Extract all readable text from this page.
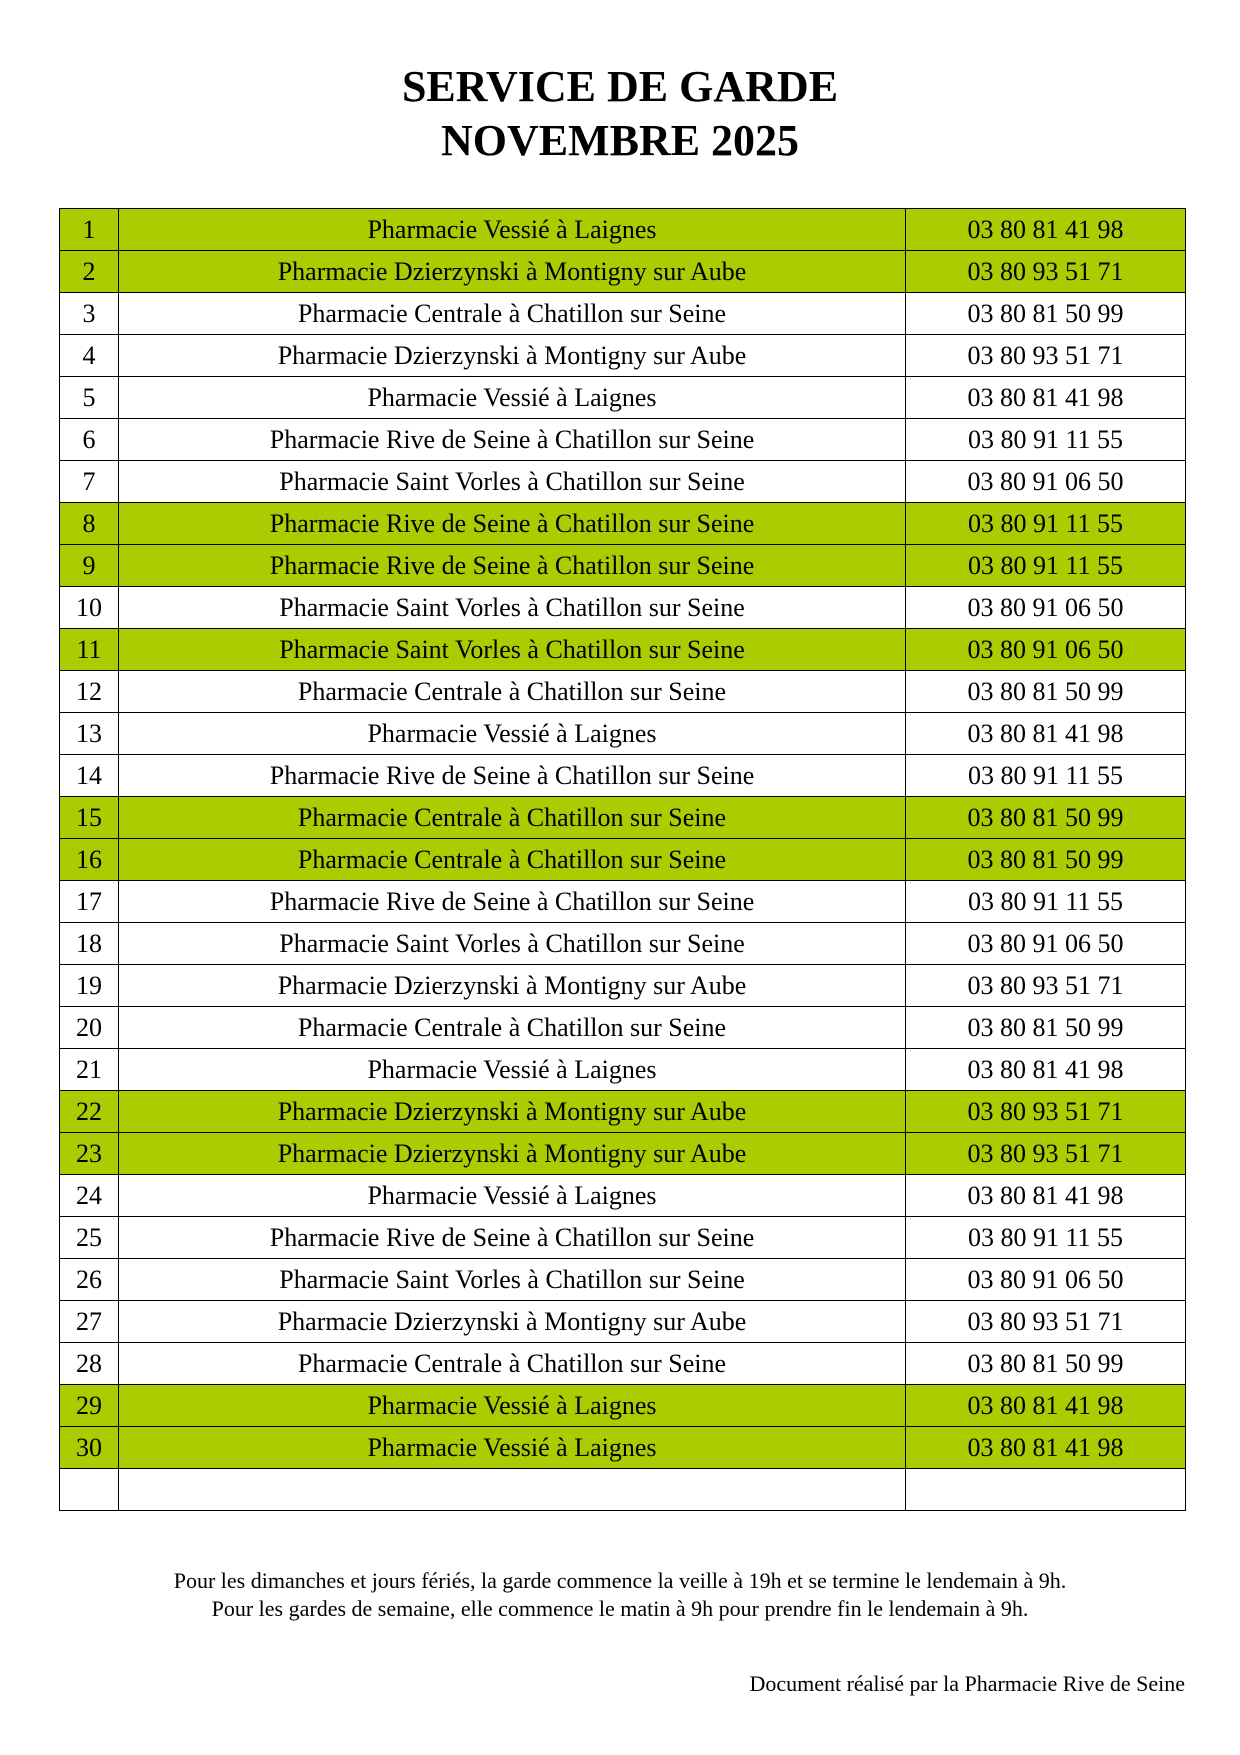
SERVICE DE GARDE
NOVEMBRE 2025
1	Pharmacie Vessié à Laignes	03 80 81 41 98
2	Pharmacie Dzierzynski à Montigny sur Aube	03 80 93 51 71
3	Pharmacie Centrale à Chatillon sur Seine	03 80 81 50 99
4	Pharmacie Dzierzynski à Montigny sur Aube	03 80 93 51 71
5	Pharmacie Vessié à Laignes	03 80 81 41 98
6	Pharmacie Rive de Seine à Chatillon sur Seine	03 80 91 11 55
7	Pharmacie Saint Vorles à Chatillon sur Seine	03 80 91 06 50
8	Pharmacie Rive de Seine à Chatillon sur Seine	03 80 91 11 55
9	Pharmacie Rive de Seine à Chatillon sur Seine	03 80 91 11 55
10	Pharmacie Saint Vorles à Chatillon sur Seine	03 80 91 06 50
11	Pharmacie Saint Vorles à Chatillon sur Seine	03 80 91 06 50
12	Pharmacie Centrale à Chatillon sur Seine	03 80 81 50 99
13	Pharmacie Vessié à Laignes	03 80 81 41 98
14	Pharmacie Rive de Seine à Chatillon sur Seine	03 80 91 11 55
15	Pharmacie Centrale à Chatillon sur Seine	03 80 81 50 99
16	Pharmacie Centrale à Chatillon sur Seine	03 80 81 50 99
17	Pharmacie Rive de Seine à Chatillon sur Seine	03 80 91 11 55
18	Pharmacie Saint Vorles à Chatillon sur Seine	03 80 91 06 50
19	Pharmacie Dzierzynski à Montigny sur Aube	03 80 93 51 71
20	Pharmacie Centrale à Chatillon sur Seine	03 80 81 50 99
21	Pharmacie Vessié à Laignes	03 80 81 41 98
22	Pharmacie Dzierzynski à Montigny sur Aube	03 80 93 51 71
23	Pharmacie Dzierzynski à Montigny sur Aube	03 80 93 51 71
24	Pharmacie Vessié à Laignes	03 80 81 41 98
25	Pharmacie Rive de Seine à Chatillon sur Seine	03 80 91 11 55
26	Pharmacie Saint Vorles à Chatillon sur Seine	03 80 91 06 50
27	Pharmacie Dzierzynski à Montigny sur Aube	03 80 93 51 71
28	Pharmacie Centrale à Chatillon sur Seine	03 80 81 50 99
29	Pharmacie Vessié à Laignes	03 80 81 41 98
30	Pharmacie Vessié à Laignes	03 80 81 41 98

Pour les dimanches et jours fériés, la garde commence la veille à 19h et se termine le lendemain à 9h.
Pour les gardes de semaine, elle commence le matin à 9h pour prendre fin le lendemain à 9h.
Document réalisé par la Pharmacie Rive de Seine
